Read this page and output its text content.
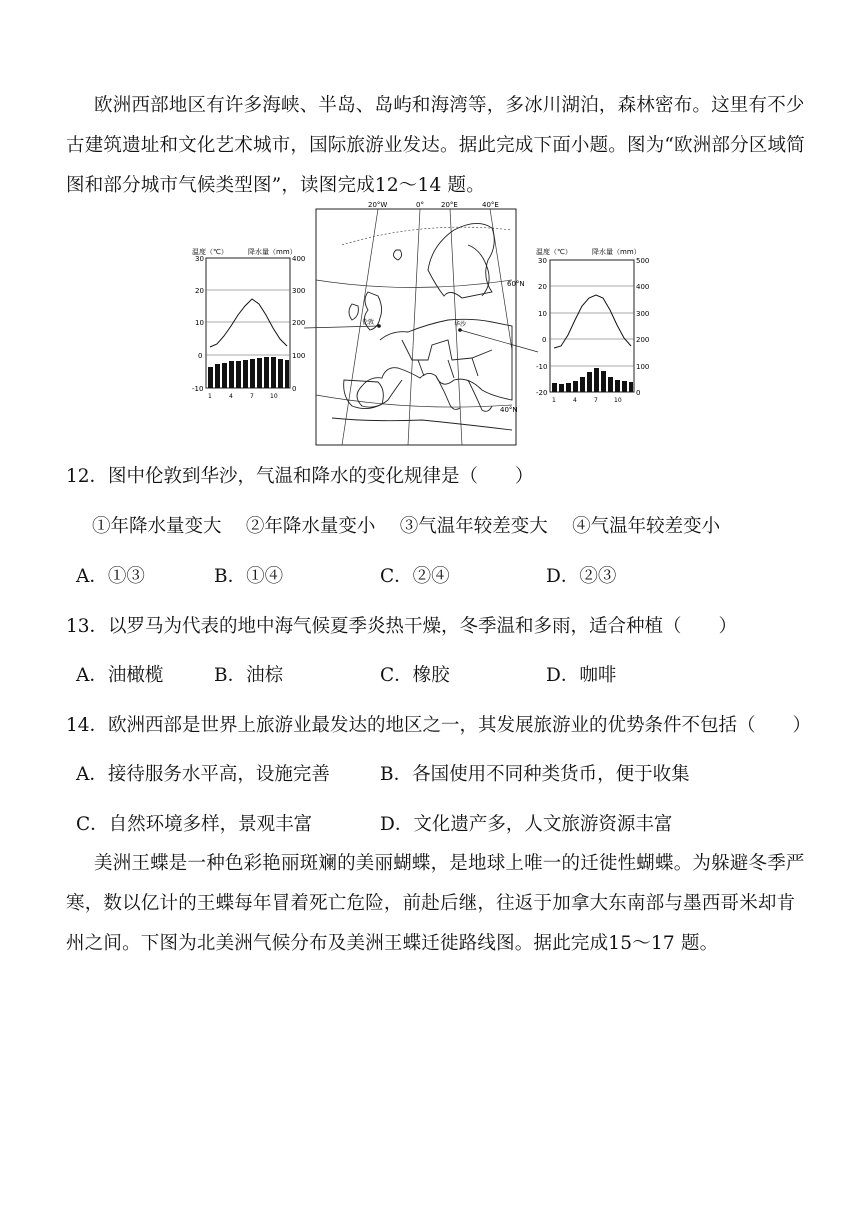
欧洲西部地区有许多海峡、半岛、岛屿和海湾等，多冰川湖泊，森林密布。这里有不少古建筑遗址和文化艺术城市，国际旅游业发达。据此完成下面小题。图为“欧洲部分区域简图和部分城市气候类型图”，读图完成12～14 题。
温度（℃）	降水量（mm）
30
20
10
0
-10
400
300
200
100
0
1	4	7	10
20°W	0° 20°E	40°E
60°N
40°N
伦敦	华沙
温度（℃）	降水量（mm）
30
20
10
0
-10
-20
500
400
300
200
100
0
1	4	7	10
12．图中伦敦到华沙，气温和降水的变化规律是（　　）
①年降水量变大　 ②年降水量变小　 ③气温年较差变大　 ④气温年较差变小
A．①③	B．①④	C．②④	D．②③
13．以罗马为代表的地中海气候夏季炎热干燥，冬季温和多雨，适合种植（　　）
A．油橄榄	B．油棕	C．橡胶	D．咖啡
14．欧洲西部是世界上旅游业最发达的地区之一，其发展旅游业的优势条件不包括（　　）
A．接待服务水平高，设施完善	B．各国使用不同种类货币，便于收集
C．自然环境多样，景观丰富	D．文化遗产多，人文旅游资源丰富
美洲王蝶是一种色彩艳丽斑斓的美丽蝴蝶，是地球上唯一的迁徙性蝴蝶。为躲避冬季严寒，数以亿计的王蝶每年冒着死亡危险，前赴后继，往返于加拿大东南部与墨西哥米却肯州之间。下图为北美洲气候分布及美洲王蝶迁徙路线图。据此完成15～17 题。
